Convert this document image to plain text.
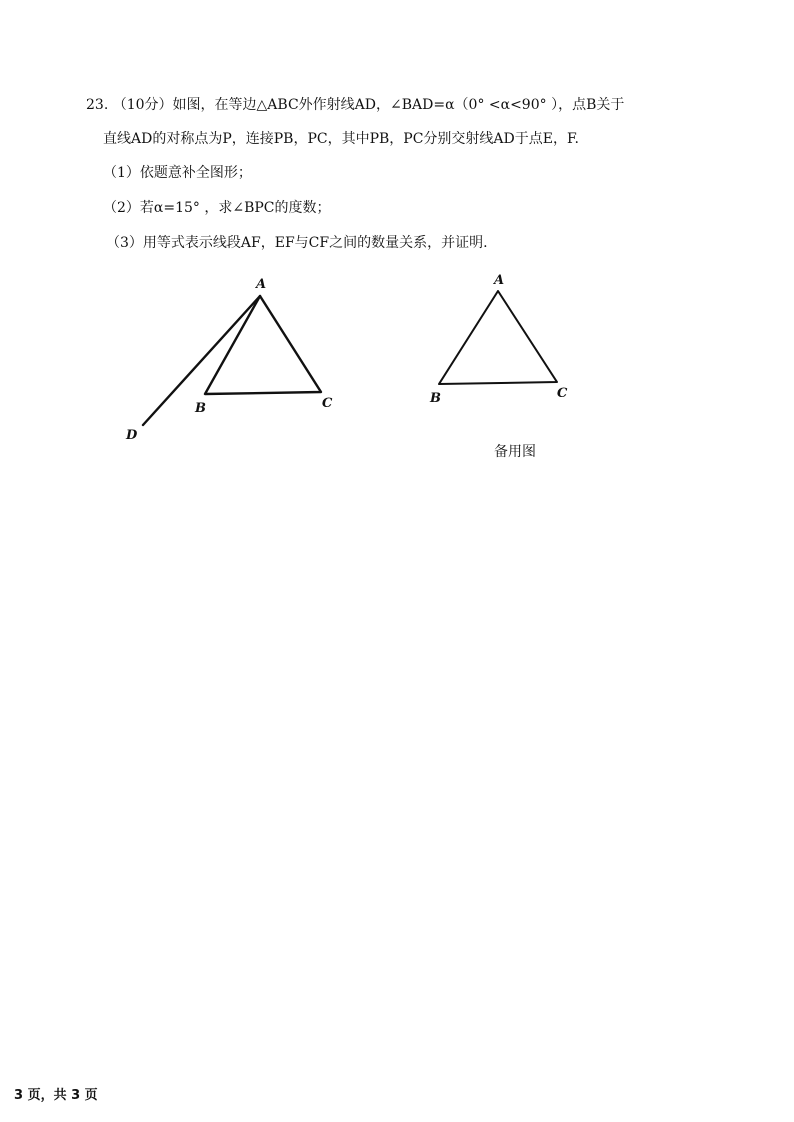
23. （10分）如图，在等边△ABC外作射线AD，∠BAD=α（0° <α<90° ），点B关于
直线AD的对称点为P，连接PB，PC，其中PB，PC分别交射线AD于点E，F.
（1）依题意补全图形；
（2）若α=15° ，求∠BPC的度数；
（3）用等式表示线段AF，EF与CF之间的数量关系，并证明.
A
B	C
D
A
B	C
备用图
3 页，共 3 页
